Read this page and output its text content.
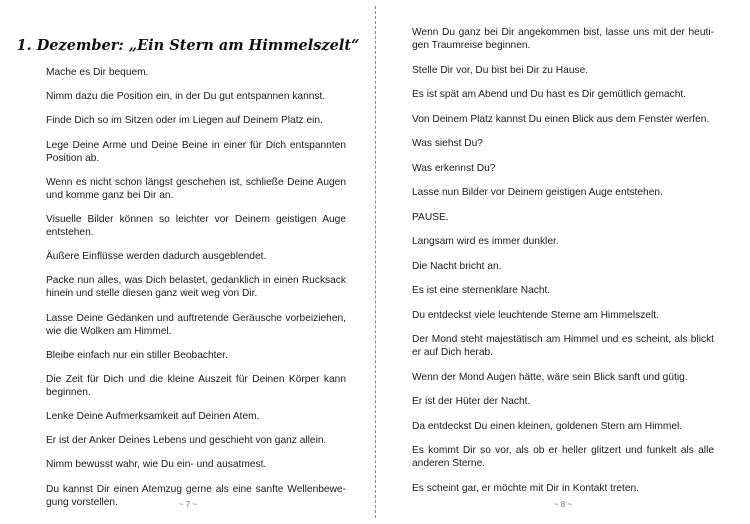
1. Dezember: „Ein Stern am Himmelszelt“

Mache es Dir bequem.

Nimm dazu die Position ein, in der Du gut entspannen kannst.

Finde Dich so im Sitzen oder im Liegen auf Deinem Platz ein.

Lege Deine Arme und Deine Beine in einer für Dich entspannten Position ab.

Wenn es nicht schon längst geschehen ist, schließe Deine Augen und komme ganz bei Dir an.

Visuelle Bilder können so leichter vor Deinem geistigen Auge entstehen.

Äußere Einflüsse werden dadurch ausgeblendet.

Packe nun alles, was Dich belastet, gedanklich in einen Rucksack hinein und stelle diesen ganz weit weg von Dir.

Lasse Deine Gedanken und auftretende Geräusche vorbeiziehen, wie die Wolken am Himmel.

Bleibe einfach nur ein stiller Beobachter.

Die Zeit für Dich und die kleine Auszeit für Deinen Körper kann beginnen.

Lenke Deine Aufmerksamkeit auf Deinen Atem.

Er ist der Anker Deines Lebens und geschieht von ganz allein.

Nimm bewusst wahr, wie Du ein- und ausatmest.

Du kannst Dir einen Atemzug gerne als eine sanfte Wellenbewegung vorstellen.	~ 7 ~

Wenn Du ganz bei Dir angekommen bist, lasse uns mit der heutigen Traumreise beginnen.

Stelle Dir vor, Du bist bei Dir zu Hause.

Es ist spät am Abend und Du hast es Dir gemütlich gemacht.

Von Deinem Platz kannst Du einen Blick aus dem Fenster werfen.

Was siehst Du?

Was erkennst Du?

Lasse nun Bilder vor Deinem geistigen Auge entstehen.

PAUSE.

Langsam wird es immer dunkler.

Die Nacht bricht an.

Es ist eine sternenklare Nacht.

Du entdeckst viele leuchtende Sterne am Himmelszelt.

Der Mond steht majestätisch am Himmel und es scheint, als blickt er auf Dich herab.

Wenn der Mond Augen hätte, wäre sein Blick sanft und gütig.

Er ist der Hüter der Nacht.

Da entdeckst Du einen kleinen, goldenen Stern am Himmel.

Es kommt Dir so vor, als ob er heller glitzert und funkelt als alle anderen Sterne.

Es scheint gar, er möchte mit Dir in Kontakt treten.

~ 8 ~
